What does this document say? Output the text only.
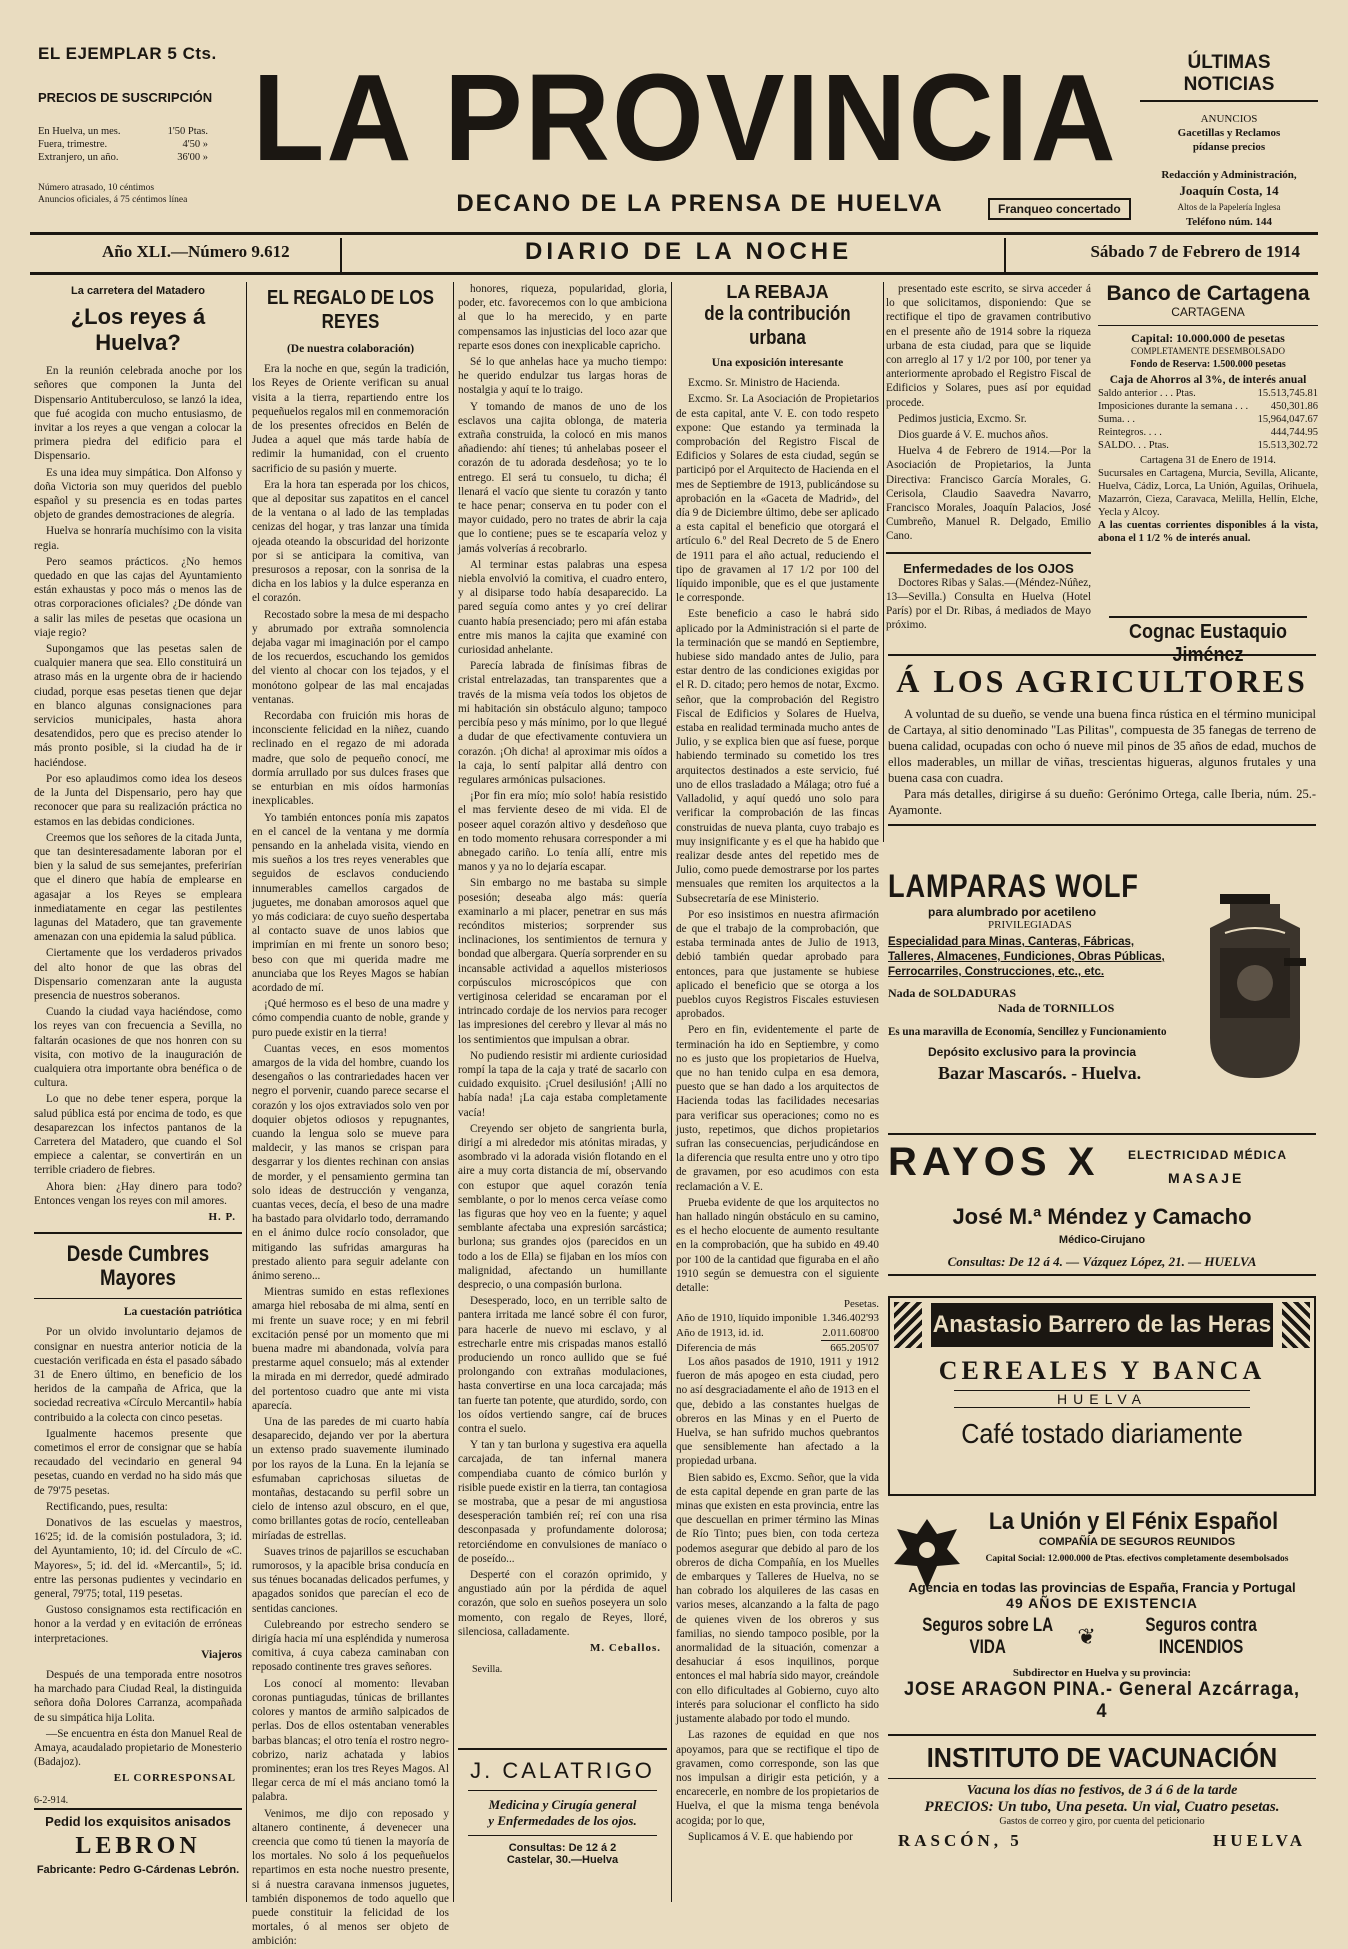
EL EJEMPLAR 5 Cts.
PRECIOS DE SUSCRIPCIÓN
En Huelva, un mes.	1'50 Ptas.
Fuera, trimestre.	4'50 »
Extranjero, un año.	36'00 »
Número atrasado, 10 céntimos
Anuncios oficiales, á 75 céntimos línea
LA PROVINCIA
DECANO DE LA PRENSA DE HUELVA	Franqueo concertado
ÚLTIMAS NOTICIAS
ANUNCIOS
Gacetillas y Reclamos
pídanse precios
Redacción y Administración,
Joaquín Costa, 14
Altos de la Papelería Inglesa
Teléfono núm. 144
Año XLI.—Número 9.612	DIARIO DE LA NOCHE	Sábado 7 de Febrero de 1914
La carretera del Matadero
¿Los reyes á Huelva?

En la reunión celebrada anoche por los señores que componen la Junta del Dispensario Antituberculoso, se lanzó la idea, que fué acogida con mucho entusiasmo, de invitar a los reyes a que vengan a colocar la primera piedra del edificio para el Dispensario.

Es una idea muy simpática. Don Alfonso y doña Victoria son muy queridos del pueblo español y su presencia es en todas partes objeto de grandes demostraciones de alegría.

Huelva se honraría muchísimo con la visita regia.

Pero seamos prácticos. ¿No hemos quedado en que las cajas del Ayuntamiento están exhaustas y poco más o menos las de otras corporaciones oficiales? ¿De dónde van a salir las miles de pesetas que ocasiona un viaje regio?

Supongamos que las pesetas salen de cualquier manera que sea. Ello constituirá un atraso más en la urgente obra de ir haciendo ciudad, porque esas pesetas tienen que dejar en blanco algunas consignaciones para servicios municipales, hasta ahora desatendidos, pero que es preciso atender lo más pronto posible, si la ciudad ha de ir haciéndose.

Por eso aplaudimos como idea los deseos de la Junta del Dispensario, pero hay que reconocer que para su realización práctica no estamos en las debidas condiciones.

Creemos que los señores de la citada Junta, que tan desinteresadamente laboran por el bien y la salud de sus semejantes, preferirían que el dinero que había de emplearse en agasajar a los Reyes se empleara inmediatamente en cegar las pestilentes lagunas del Matadero, que tan gravemente amenazan con una epidemia la salud pública.

Ciertamente que los verdaderos privados del alto honor de que las obras del Dispensario comenzaran ante la augusta presencia de nuestros soberanos.

Cuando la ciudad vaya haciéndose, como los reyes van con frecuencia a Sevilla, no faltarán ocasiones de que nos honren con su visita, con motivo de la inauguración de cualquiera otra importante obra benéfica o de cultura.

Lo que no debe tener espera, porque la salud pública está por encima de todo, es que desaparezcan los infectos pantanos de la Carretera del Matadero, que cuando el Sol empiece a calentar, se convertirán en un terrible criadero de fiebres.

Ahora bien: ¿Hay dinero para todo? Entonces vengan los reyes con mil amores.

H. P.
Desde Cumbres Mayores
La cuestación patriótica

Por un olvido involuntario dejamos de consignar en nuestra anterior noticia de la cuestación verificada en ésta el pasado sábado 31 de Enero último, en beneficio de los heridos de la campaña de Africa, que la sociedad recreativa «Círculo Mercantil» había contribuido a la colecta con cinco pesetas.

Igualmente hacemos presente que cometimos el error de consignar que se había recaudado del vecindario en general 94 pesetas, cuando en verdad no ha sido más que de 79'75 pesetas.

Rectificando, pues, resulta:

Donativos de las escuelas y maestros, 16'25; id. de la comisión postuladora, 3; id. del Ayuntamiento, 10; id. del Círculo de «C. Mayores», 5; id. del id. «Mercantil», 5; id. entre las personas pudientes y vecindario en general, 79'75; total, 119 pesetas.

Gustoso consignamos esta rectificación en honor a la verdad y en evitación de erróneas interpretaciones.

Viajeros

Después de una temporada entre nosotros ha marchado para Ciudad Real, la distinguida señora doña Dolores Carranza, acompañada de su simpática hija Lolita.

—Se encuentra en ésta don Manuel Real de Amaya, acaudalado propietario de Monesterio (Badajoz).

EL CORRESPONSAL
6-2-914.
Pedid los exquisitos anisados
LEBRON
Fabricante: Pedro G-Cárdenas Lebrón.
EL REGALO DE LOS REYES
(De nuestra colaboración)

Era la noche en que, según la tradición, los Reyes de Oriente verifican su anual visita a la tierra, repartiendo entre los pequeñuelos regalos mil en conmemoración de los presentes ofrecidos en Belén de Judea a aquel que más tarde había de redimir la humanidad, con el cruento sacrificio de su pasión y muerte.

Era la hora tan esperada por los chicos, que al depositar sus zapatitos en el cancel de la ventana o al lado de las templadas cenizas del hogar, y tras lanzar una tímida ojeada oteando la obscuridad del horizonte por si se anticipara la comitiva, van presurosos a reposar, con la sonrisa de la dicha en los labios y la dulce esperanza en el corazón.

Recostado sobre la mesa de mi despacho y abrumado por extraña somnolencia dejaba vagar mi imaginación por el campo de los recuerdos, escuchando los gemidos del viento al chocar con los tejados, y el monótono golpear de las mal encajadas ventanas.

Recordaba con fruición mis horas de inconsciente felicidad en la niñez, cuando reclinado en el regazo de mi adorada madre, que solo de pequeño conocí, me dormía arrullado por sus dulces frases que se enturbian en mis oídos harmonías inexplicables.

Yo también entonces ponía mis zapatos en el cancel de la ventana y me dormía pensando en la anhelada visita, viendo en mis sueños a los tres reyes venerables que seguidos de esclavos conduciendo innumerables camellos cargados de juguetes, me donaban amorosos aquel que yo más codiciara: de cuyo sueño despertaba al contacto suave de unos labios que imprimían en mi frente un sonoro beso; beso con que mi querida madre me anunciaba que los Reyes Magos se habían acordado de mí.

¡Qué hermoso es el beso de una madre y cómo compendia cuanto de noble, grande y puro puede existir en la tierra!

Cuantas veces, en esos momentos amargos de la vida del hombre, cuando los desengaños o las contrariedades hacen ver negro el porvenir, cuando parece secarse el corazón y los ojos extraviados solo ven por doquier objetos odiosos y repugnantes, cuando la lengua solo se mueve para maldecir, y las manos se crispan para desgarrar y los dientes rechinan con ansias de morder, y el pensamiento germina tan solo ideas de destrucción y venganza, cuantas veces, decía, el beso de una madre ha bastado para olvidarlo todo, derramando en el ánimo dulce rocío consolador, que mitigando las sufridas amarguras ha prestado aliento para seguir adelante con ánimo sereno...

Mientras sumido en estas reflexiones amarga hiel rebosaba de mi alma, sentí en mi frente un suave roce; y en mi febril excitación pensé por un momento que mi buena madre mi abandonada, volvía para prestarme aquel consuelo; más al extender la mirada en mi derredor, quedé admirado del portentoso cuadro que ante mi vista aparecía.

Una de las paredes de mi cuarto había desaparecido, dejando ver por la abertura un extenso prado suavemente iluminado por los rayos de la Luna. En la lejanía se esfumaban caprichosas siluetas de montañas, destacando su perfil sobre un cielo de intenso azul obscuro, en el que, como brillantes gotas de rocío, centelleaban miríadas de estrellas.

Suaves trinos de pajarillos se escuchaban rumorosos, y la apacible brisa conducía en sus ténues bocanadas delicados perfumes, y apagados sonidos que parecían el eco de sentidas canciones.

Culebreando por estrecho sendero se dirigía hacia mí una espléndida y numerosa comitiva, á cuya cabeza caminaban con reposado continente tres graves señores.

Los conocí al momento: llevaban coronas puntiagudas, túnicas de brillantes colores y mantos de armiño salpicados de perlas. Dos de ellos ostentaban venerables barbas blancas; el otro tenía el rostro negro-cobrizo, nariz achatada y labios prominentes; eran los tres Reyes Magos. Al llegar cerca de mí el más anciano tomó la palabra.

Venimos, me dijo con reposado y altanero continente, á devenecer una creencia que como tú tienen la mayoría de los mortales. No solo á los pequeñuelos repartimos en esta noche nuestro presente, si á nuestra caravana inmensos juguetes, también disponemos de todo aquello que puede constituir la felicidad de los mortales, ó al menos ser objeto de ambición:

honores, riqueza, popularidad, gloria, poder, etc. favorecemos con lo que ambiciona al que lo ha merecido, y en parte compensamos las injusticias del loco azar que reparte esos dones con inexplicable capricho.

Sé lo que anhelas hace ya mucho tiempo: he querido endulzar tus largas horas de nostalgia y aquí te lo traigo.

Y tomando de manos de uno de los esclavos una cajita oblonga, de materia extraña construida, la colocó en mis manos añadiendo: ahí tienes; tú anhelabas poseer el corazón de tu adorada desdeñosa; yo te lo entrego. El será tu consuelo, tu dicha; él llenará el vacío que siente tu corazón y tanto te hace penar; conserva en tu poder con el mayor cuidado, pero no trates de abrir la caja que lo contiene; pues se te escaparía veloz y jamás volverías á recobrarlo.

Al terminar estas palabras una espesa niebla envolvió la comitiva, el cuadro entero, y al disiparse todo había desaparecido. La pared seguía como antes y yo creí delirar cuanto había presenciado; pero mi afán estaba entre mis manos la cajita que examiné con curiosidad anhelante.

Parecía labrada de finísimas fibras de cristal entrelazadas, tan transparentes que a través de la misma veía todos los objetos de mi habitación sin obstáculo alguno; tampoco percibía peso y más mínimo, por lo que llegué a dudar de que efectivamente contuviera un corazón. ¡Oh dicha! al aproximar mis oídos a la caja, lo sentí palpitar allá dentro con regulares armónicas pulsaciones.

¡Por fin era mío; mío solo! había resistido el mas ferviente deseo de mi vida. El de poseer aquel corazón altivo y desdeñoso que en todo momento rehusara corresponder a mi abnegado cariño. Lo tenía allí, entre mis manos y ya no lo dejaría escapar.

Sin embargo no me bastaba su simple posesión; deseaba algo más: quería examinarlo a mi placer, penetrar en sus más recónditos misterios; sorprender sus inclinaciones, los sentimientos de ternura y bondad que albergara. Quería sorprender en su incansable actividad a aquellos misteriosos corpúsculos microscópicos que con vertiginosa celeridad se encaraman por el intrincado cordaje de los nervios para recoger las impresiones del cerebro y llevar al más no los sentimientos que impulsan a obrar.

No pudiendo resistir mi ardiente curiosidad rompí la tapa de la caja y traté de sacarlo con cuidado exquisito. ¡Cruel desilusión! ¡Allí no había nada! ¡La caja estaba completamente vacía!

Creyendo ser objeto de sangrienta burla, dirigí a mi alrededor mis atónitas miradas, y asombrado vi la adorada visión flotando en el aire a muy corta distancia de mí, observando con estupor que aquel corazón tenía semblante, o por lo menos cerca veíase como las figuras que hoy veo en la fuente; y aquel semblante afectaba una expresión sarcástica; burlona; sus grandes ojos (parecidos en un todo a los de Ella) se fijaban en los míos con malignidad, afectando un humillante desprecio, o una compasión burlona.

Desesperado, loco, en un terrible salto de pantera irritada me lancé sobre él con furor, para hacerle de nuevo mi esclavo, y al estrecharle entre mis crispadas manos estalló produciendo un ronco aullido que se fué prolongando con extrañas modulaciones, hasta convertirse en una loca carcajada; más tan fuerte tan potente, que aturdido, sordo, con los oídos vertiendo sangre, caí de bruces contra el suelo.

Y tan y tan burlona y sugestiva era aquella carcajada, de tan infernal manera compendiaba cuanto de cómico burlón y risible puede existir en la tierra, tan contagiosa se mostraba, que a pesar de mi angustiosa desesperación también reí; reí con una risa desconpasada y profundamente dolorosa; retorciéndome en convulsiones de maníaco o de poseído...

Desperté con el corazón oprimido, y angustiado aún por la pérdida de aquel corazón, que solo en sueños poseyera un solo momento, con regalo de Reyes, lloré, silenciosa, calladamente.

M. Ceballos.
Sevilla.
J. CALATRIGO
Medicina y Cirugía general
y Enfermedades de los ojos.
Consultas: De 12 á 2
Castelar, 30.—Huelva
LA REBAJA
de la contribución urbana
Una exposición interesante

Excmo. Sr. Ministro de Hacienda.

Excmo. Sr. La Asociación de Propietarios de esta capital, ante V. E. con todo respeto expone: Que estando ya terminada la comprobación del Registro Fiscal de Edificios y Solares de esta ciudad, según se participó por el Arquitecto de Hacienda en el mes de Septiembre de 1913, publicándose su aprobación en la «Gaceta de Madrid», del día 9 de Diciembre último, debe ser aplicado a esta capital el beneficio que otorgará el artículo 6.º del Real Decreto de 5 de Enero de 1911 para el año actual, reduciendo el tipo de gravamen al 17 1/2 por 100 del líquido imponible, que es el que justamente le corresponde.

Este beneficio a caso le habrá sido aplicado por la Administración si el parte de la terminación que se mandó en Septiembre, hubiese sido mandado antes de Julio, para estar dentro de las condiciones exigidas por el R. D. citado; pero hemos de notar, Excmo. señor, que la comprobación del Registro Fiscal de Edificios y Solares de Huelva, estaba en realidad terminada mucho antes de Julio, y se explica bien que así fuese, porque habiendo terminado su cometido los tres arquitectos destinados a este servicio, fué uno de ellos trasladado a Málaga; otro fué a Valladolid, y aquí quedó uno solo para verificar la comprobación de las fincas construidas de nueva planta, cuyo trabajo es muy insignificante y es el que ha habido que realizar desde antes del repetido mes de Julio, como puede demostrarse por los partes mensuales que remiten los arquitectos a la Subsecretaría de ese Ministerio.

Por eso insistimos en nuestra afirmación de que el trabajo de la comprobación, que estaba terminada antes de Julio de 1913, debió también quedar aprobado para entonces, para que justamente se hubiese aplicado el beneficio que se otorga a los pueblos cuyos Registros Fiscales estuviesen aprobados.

Pero en fin, evidentemente el parte de terminación ha ido en Septiembre, y como no es justo que los propietarios de Huelva, que no han tenido culpa en esa demora, puesto que se han dado a los arquitectos de Hacienda todas las facilidades necesarias para verificar sus operaciones; como no es justo, repetimos, que dichos propietarios sufran las consecuencias, perjudicándose en la diferencia que resulta entre uno y otro tipo de gravamen, por eso acudimos con esta reclamación a V. E.

Prueba evidente de que los arquitectos no han hallado ningún obstáculo en su camino, es el hecho elocuente de aumento resultante en la comprobación, que ha subido en 49.40 por 100 de la cantidad que figuraba en el año 1910 según se demuestra con el siguiente detalle:

Pesetas.
Año de 1910, líquido imponible	1.346.402'93
Año de 1913, id. id.	2.011.608'00
Diferencia de más	665.205'07

Los años pasados de 1910, 1911 y 1912 fueron de más apogeo en esta ciudad, pero no así desgraciadamente el año de 1913 en el que, debido a las constantes huelgas de obreros en las Minas y en el Puerto de Huelva, se han sufrido muchos quebrantos que sensiblemente han afectado a la propiedad urbana.

Bien sabido es, Excmo. Señor, que la vida de esta capital depende en gran parte de las minas que existen en esta provincia, entre las que descuellan en primer término las Minas de Río Tinto; pues bien, con toda certeza podemos asegurar que debido al paro de los obreros de dicha Compañía, en los Muelles de embarques y Talleres de Huelva, no se han cobrado los alquileres de las casas en varios meses, alcanzando a la falta de pago de quienes viven de los obreros y sus familias, no siendo tampoco posible, por la anormalidad de la situación, comenzar a desahuciar á esos inquilinos, porque entonces el mal habría sido mayor, creándole con ello dificultades al Gobierno, cuyo alto interés para solucionar el conflicto ha sido justamente alabado por todo el mundo.

Las razones de equidad en que nos apoyamos, para que se rectifique el tipo de gravamen, como corresponde, son las que nos impulsan a dirigir esta petición, y a encarecerle, en nombre de los propietarios de Huelva, el que la misma tenga benévola acogida; por lo que,

Suplicamos á V. E. que habiendo por

presentado este escrito, se sirva acceder á lo que solicitamos, disponiendo: Que se rectifique el tipo de gravamen contributivo en el presente año de 1914 sobre la riqueza urbana de esta ciudad, para que se liquide con arreglo al 17 y 1/2 por 100, por tener ya anteriormente aprobado el Registro Fiscal de Edificios y Solares, pues así por equidad procede.

Pedimos justicia, Excmo. Sr.

Dios guarde á V. E. muchos años.

Huelva 4 de Febrero de 1914.—Por la Asociación de Propietarios, la Junta Directiva: Francisco García Morales, G. Cerisola, Claudio Saavedra Navarro, Francisco Morales, Joaquín Palacios, José Cumbreño, Manuel R. Delgado, Emilio Cano.

Enfermedades de los OJOS

Doctores Ribas y Salas.—(Méndez-Núñez, 13—Sevilla.) Consulta en Huelva (Hotel París) por el Dr. Ribas, á mediados de Mayo próximo.

Banco de Cartagena
CARTAGENA
Capital: 10.000.000 de pesetas
COMPLETAMENTE DESEMBOLSADO
Fondo de Reserva: 1.500.000 pesetas
Caja de Ahorros al 3%, de interés anual
Saldo anterior . . . Ptas.	15.513,745.81
Imposiciones durante la semana . . .	450,301.86
Suma. . .	15,964,047.67
Reintegros. . . .	444,744.95
SALDO. . . Ptas.	15.513,302.72
Cartagena 31 de Enero de 1914.
Sucursales en Cartagena, Murcia, Sevilla, Alicante, Huelva, Cádiz, Lorca, La Unión, Aguilas, Orihuela, Mazarrón, Cieza, Caravaca, Melilla, Hellín, Elche, Yecla y Alcoy.
A las cuentas corrientes disponibles á la vista, abona el 1 1/2 % de interés anual.
Cognac Eustaquio Jiménez
Á LOS AGRICULTORES
A voluntad de su dueño, se vende una buena finca rústica en el término municipal de Cartaya, al sitio denominado "Las Pilitas", compuesta de 35 fanegas de terreno de buena calidad, ocupadas con ocho ó nueve mil pinos de 35 años de edad, muchos de ellos maderables, un millar de viñas, trescientas higueras, algunos frutales y una buena casa con cuadra.
Para más detalles, dirigirse á su dueño: Gerónimo Ortega, calle Iberia, núm. 25.-Ayamonte.
LAMPARAS WOLF
para alumbrado por acetileno
PRIVILEGIADAS
Especialidad para Minas, Canteras, Fábricas, Talleres, Almacenes, Fundiciones, Obras Públicas, Ferrocarriles, Construcciones, etc., etc.
Nada de SOLDADURAS
Nada de TORNILLOS
Es una maravilla de Economía, Sencillez y Funcionamiento
Depósito exclusivo para la provincia
Bazar Mascarós. - Huelva.
RAYOS X ELECTRICIDAD MÉDICA
MASAJE
José M.ª Méndez y Camacho
Médico-Cirujano
Consultas: De 12 á 4. — Vázquez López, 21. — HUELVA
Anastasio Barrero de las Heras
CEREALES Y BANCA
HUELVA
Café tostado diariamente
La Unión y El Fénix Español
COMPAÑÍA DE SEGUROS REUNIDOS
Capital Social: 12.000.000 de Ptas. efectivos completamente desembolsados
Agencia en todas las provincias de España, Francia y Portugal
49 AÑOS DE EXISTENCIA
Seguros sobre LA VIDA	❦	Seguros contra INCENDIOS
Subdirector en Huelva y su provincia:
JOSE ARAGON PINA.- General Azcárraga, 4
INSTITUTO DE VACUNACIÓN
Vacuna los días no festivos, de 3 á 6 de la tarde
PRECIOS: Un tubo, Una peseta. Un vial, Cuatro pesetas.
Gastos de correo y giro, por cuenta del peticionario
RASCÓN, 5	HUELVA
